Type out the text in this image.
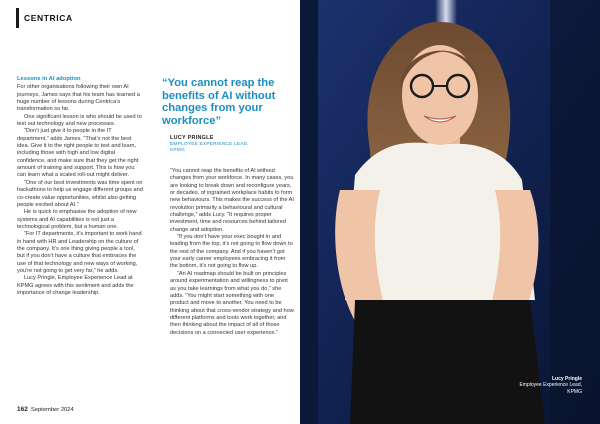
CENTRICA
Lessons in AI adoption

For other organisations following their own AI journeys, James says that his team has learned a huge number of lessons during Centrica’s transformation so far.

One significant lesson is who should be used to test out technology and new processes.

“Don’t just give it to people in the IT department,” adds James. “That’s not the best idea. Give it to the right people to test and learn, including those with high and low digital confidence, and make sure that they get the right amount of training and support. This is how you can learn what a scaled roll-out might deliver.

“One of our best investments was time spent on hackathons to help us engage different groups and co-create value opportunities, whilst also getting people excited about AI.”

He is quick to emphasise the adoption of new systems and AI capabilities is not just a technological problem, but a human one.

“For IT departments, it’s important to work hand in hand with HR and Leadership on the culture of the company. It’s one thing giving people a tool, but if you don’t have a culture that embraces the use of that technology and new ways of working, you’re not going to get very far,” he adds.

Lucy Pringle, Employee Experience Lead at KPMG agrees with this sentiment and adds the importance of change leadership.

“You cannot reap the benefits of AI without changes from your workforce”
LUCY PRINGLE
EMPLOYEE EXPERIENCE LEAD,
KPMG

“You cannot reap the benefits of AI without changes from your workforce. In many cases, you are looking to break down and reconfigure years, or decades, of ingrained workplace habits to form new behaviours. This makes the success of the AI revolution primarily a behavioural and cultural challenge,” adds Lucy. “It requires proper investment, time and resources behind tailored change and adoption.

“If you don’t have your exec bought in and leading from the top, it’s not going to flow down to the rest of the company. And if you haven’t got your early career employees embracing it from the bottom, it’s not going to flow up.

“An AI roadmap should be built on principles around experimentation and willingness to pivot as you take learnings from what you do,” she adds. “You might start something with one product and move to another. You need to be thinking about that cross-vendor strategy and how different platforms and tools work together, and then thinking about the impact of all of those decisions on a connected user experience.”

162 September 2024
Lucy Pringle
Employee Experience Lead,
KPMG
